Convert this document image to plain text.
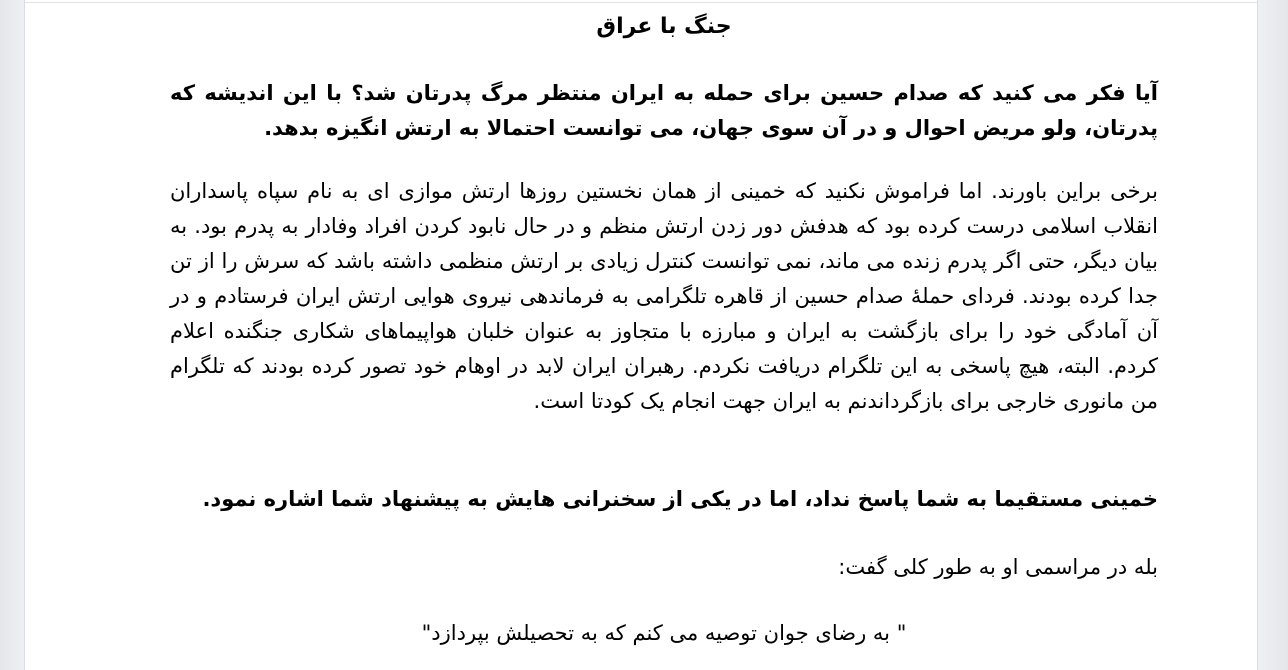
جنگ با عراق

آیا فکر می کنید که صدام حسین برای حمله به ایران منتظر مرگ پدرتان شد؟ با این اندیشه که پدرتان، ولو مریض احوال و در آن سوی جهان، می توانست احتمالا به ارتش انگیزه بدهد.

برخی براین باورند. اما فراموش نکنید که خمینی از همان نخستین روزها ارتش موازی ای به نام سپاه پاسداران انقلاب اسلامی درست کرده بود که هدفش دور زدن ارتش منظم و در حال نابود کردن افراد وفادار به پدرم بود. به بیان دیگر، حتی اگر پدرم زنده می ماند، نمی توانست کنترل زیادی بر ارتش منظمی داشته باشد که سرش را از تن جدا کرده بودند. فردای حملهٔ صدام حسین از قاهره تلگرامی به فرماندهی نیروی هوایی ارتش ایران فرستادم و در آن آمادگی خود را برای بازگشت به ایران و مبارزه با متجاوز به عنوان خلبان هواپیماهای شکاری جنگنده اعلام کردم. البته، هیچ پاسخی به این تلگرام دریافت نکردم. رهبران ایران لابد در اوهام خود تصور کرده بودند که تلگرام من مانوری خارجی برای بازگرداندنم به ایران جهت انجام یک کودتا است.

خمینی مستقیما به شما پاسخ نداد، اما در یکی از سخنرانی هایش به پیشنهاد شما اشاره نمود.

بله در مراسمی او به طور کلی گفت:

" به رضای جوان توصیه می کنم که به تحصیلش بپردازد"
